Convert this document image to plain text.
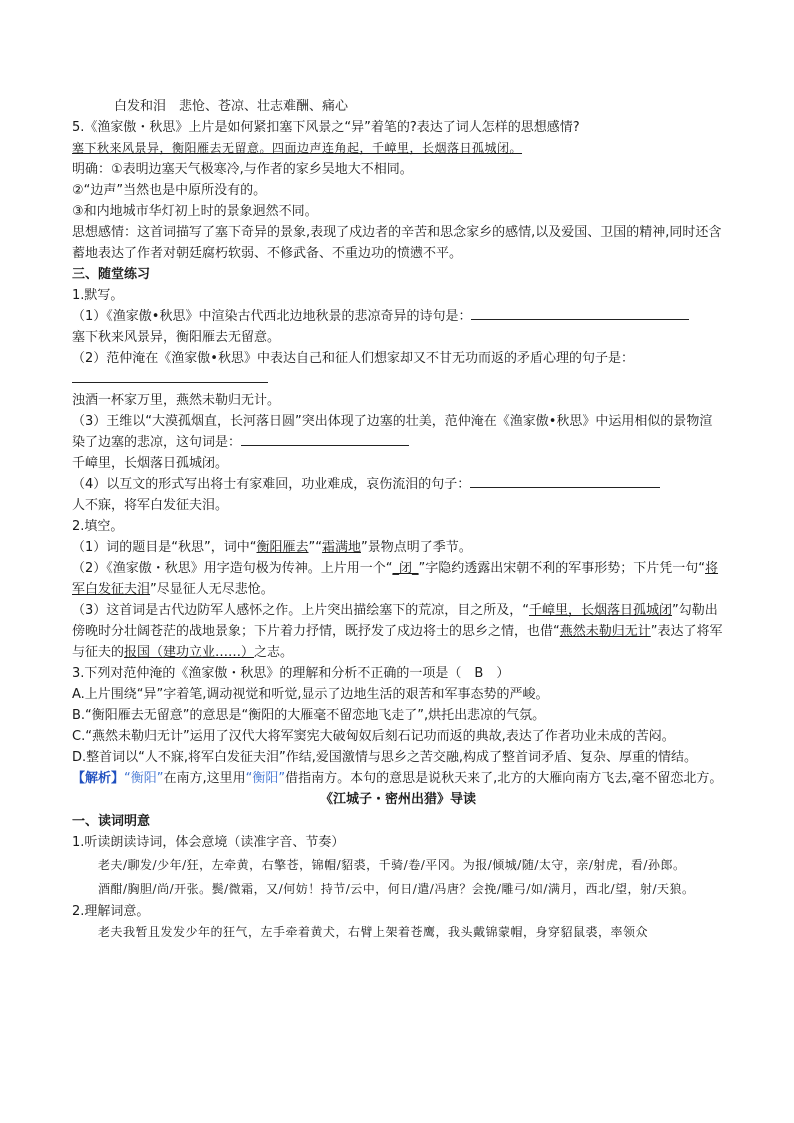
白发和泪　悲怆、苍凉、壮志难酬、痛心
5.《渔家傲・秋思》上片是如何紧扣塞下风景之“异”着笔的?表达了词人怎样的思想感情?
塞下秋来风景异，衡阳雁去无留意。四面边声连角起，千嶂里，长烟落日孤城闭。
明确：①表明边塞天气极寒冷,与作者的家乡吴地大不相同。
②“边声”当然也是中原所没有的。
③和内地城市华灯初上时的景象迥然不同。
思想感情：这首词描写了塞下奇异的景象,表现了戍边者的辛苦和思念家乡的感情,以及爱国、卫国的精神,同时还含蓄地表达了作者对朝廷腐朽软弱、不修武备、不重边功的愤懑不平。
三、随堂练习
1.默写。
（1）《渔家傲•秋思》中渲染古代西北边地秋景的悲凉奇异的诗句是：
塞下秋来风景异，衡阳雁去无留意。
（2）范仲淹在《渔家傲•秋思》中表达自己和征人们想家却又不甘无功而返的矛盾心理的句子是：
浊酒一杯家万里，燕然未勒归无计。
（3）王维以“大漠孤烟直，长河落日圆”突出体现了边塞的壮美，范仲淹在《渔家傲•秋思》中运用相似的景物渲染了边塞的悲凉，这句词是：
千嶂里，长烟落日孤城闭。
（4）以互文的形式写出将士有家难回，功业难成，哀伤流泪的句子：
人不寐，将军白发征夫泪。
2.填空。
（1）词的题目是“秋思”，词中“衡阳雁去”“霜满地”景物点明了季节。
（2）《渔家傲・秋思》用字造句极为传神。上片用一个“_闭_”字隐约透露出宋朝不利的军事形势；下片凭一句“将军白发征夫泪”尽显征人无尽悲怆。
（3）这首词是古代边防军人感怀之作。上片突出描绘塞下的荒凉，目之所及，“千嶂里，长烟落日孤城闭”勾勒出傍晚时分壮阔苍茫的战地景象；下片着力抒情，既抒发了戍边将士的思乡之情，也借“燕然未勒归无计”表达了将军与征夫的报国（建功立业……）之志。
3.下列对范仲淹的《渔家傲・秋思》的理解和分析不正确的一项是（　B　）
A.上片围绕“异”字着笔,调动视觉和听觉,显示了边地生活的艰苦和军事态势的严峻。
B.“衡阳雁去无留意”的意思是“衡阳的大雁毫不留恋地飞走了”,烘托出悲凉的气氛。
C.“燕然未勒归无计”运用了汉代大将军窦宪大破匈奴后刻石记功而返的典故,表达了作者功业未成的苦闷。
D.整首词以“人不寐,将军白发征夫泪”作结,爱国激情与思乡之苦交融,构成了整首词矛盾、复杂、厚重的情结。
【解析】“衡阳”在南方,这里用“衡阳”借指南方。本句的意思是说秋天来了,北方的大雁向南方飞去,毫不留恋北方。
《江城子・密州出猎》导读
一、读词明意
1.听读朗读诗词，体会意境（读准字音、节奏）
老夫/聊发/少年/狂，左牵黄，右擎苍，锦帽/貂裘，千骑/卷/平冈。为报/倾城/随/太守，亲/射虎，看/孙郎。
酒酣/胸胆/尚/开张。鬓/微霜，又/何妨！持节/云中，何日/遣/冯唐？会挽/雕弓/如/满月，西北/望，射/天狼。
2.理解词意。
老夫我暂且发发少年的狂气，左手牵着黄犬，右臂上架着苍鹰，我头戴锦蒙帽，身穿貂鼠裘，率领众
